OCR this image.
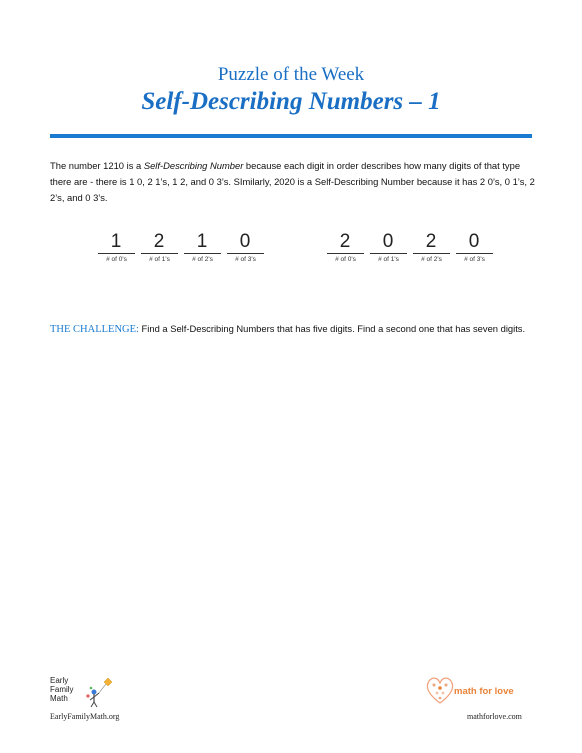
Puzzle of the Week
Self-Describing Numbers – 1
The number 1210 is a Self-Describing Number because each digit in order describes how many digits of that type there are - there is 1 0, 2 1’s, 1 2, and 0 3’s. SImilarly, 2020 is a Self-Describing Number because it has 2 0’s, 0 1’s, 2 2’s, and 0 3’s.
1
# of 0's
2
# of 1's
1
# of 2's
0
# of 3's
2
# of 0's
0
# of 1's
2
# of 2's
0
# of 3's
THE CHALLENGE: Find a Self-Describing Numbers that has five digits. Find a second one that has seven digits.
Early
Family
Math
EarlyFamilyMath.org
math for love
mathforlove.com
